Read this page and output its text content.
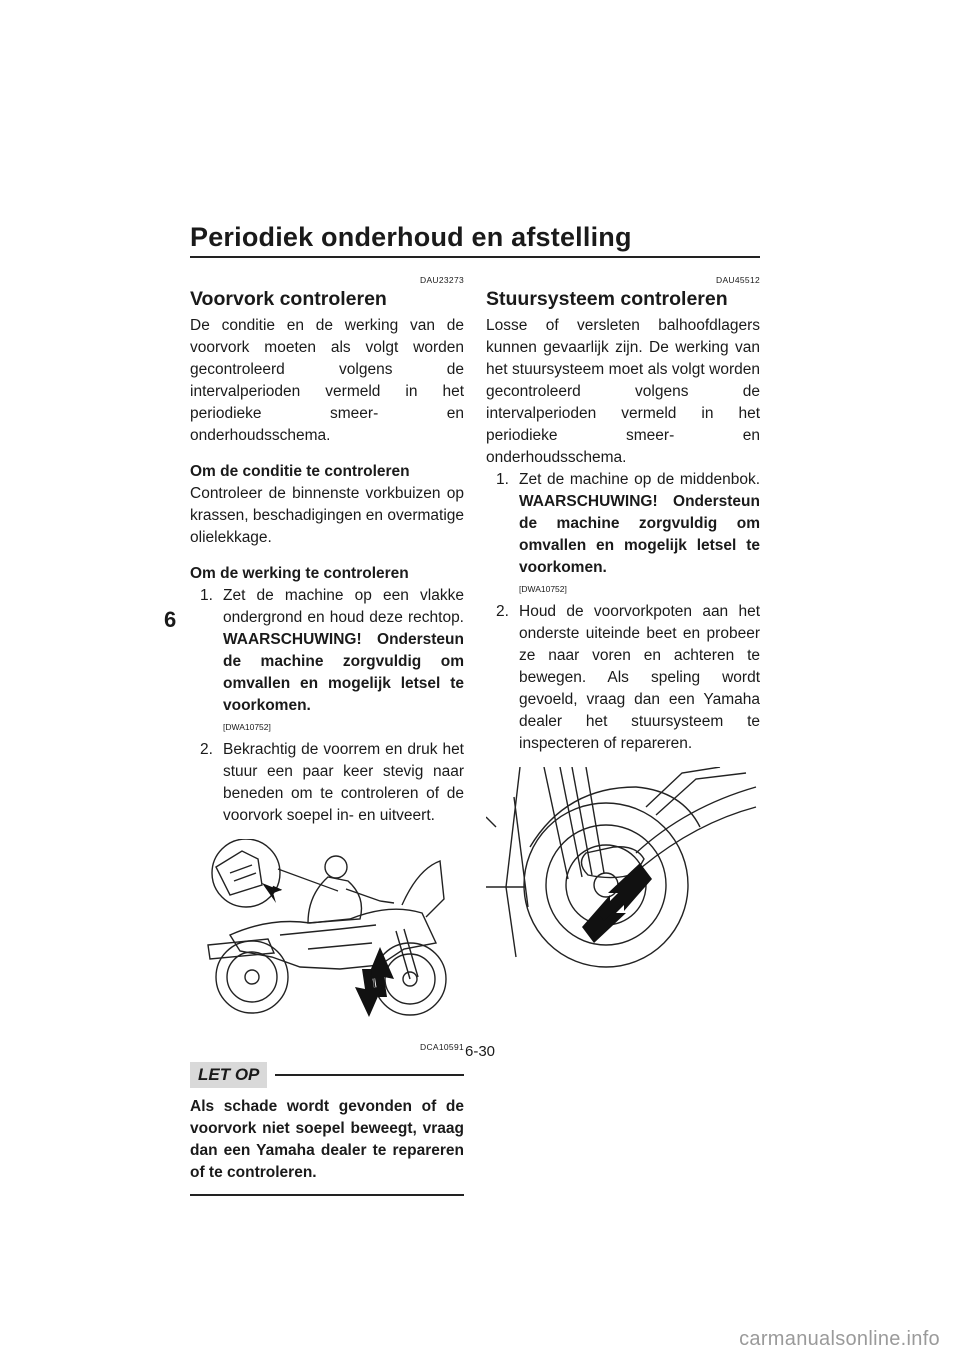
Periodiek onderhoud en afstelling
6
DAU23273
Voorvork controleren

De conditie en de werking van de voorvork moeten als volgt worden gecontroleerd volgens de intervalperioden vermeld in het periodieke smeer- en onderhoudsschema.

Om de conditie te controleren

Controleer de binnenste vorkbuizen op krassen, beschadigingen en overmatige olielekkage.

Om de werking te controleren
1. Zet de machine op een vlakke ondergrond en houd deze rechtop. WAARSCHUWING! Ondersteun de machine zorgvuldig om omvallen en mogelijk letsel te voorkomen.
[DWA10752]
2. Bekrachtig de voorrem en druk het stuur een paar keer stevig naar beneden om te controleren of de voorvork soepel in- en uitveert.
DCA10591
LET OP
Als schade wordt gevonden of de voorvork niet soepel beweegt, vraag dan een Yamaha dealer te repareren of te controleren.
DAU45512
Stuursysteem controleren

Losse of versleten balhoofdlagers kunnen gevaarlijk zijn. De werking van het stuursysteem moet als volgt worden gecontroleerd volgens de intervalperioden vermeld in het periodieke smeer- en onderhoudsschema.

1. Zet de machine op de middenbok. WAARSCHUWING! Ondersteun de machine zorgvuldig om omvallen en mogelijk letsel te voorkomen.
[DWA10752]
2. Houd de voorvorkpoten aan het onderste uiteinde beet en probeer ze naar voren en achteren te bewegen. Als speling wordt gevoeld, vraag dan een Yamaha dealer het stuursysteem te inspecteren of repareren.
6-30
carmanualsonline.info
